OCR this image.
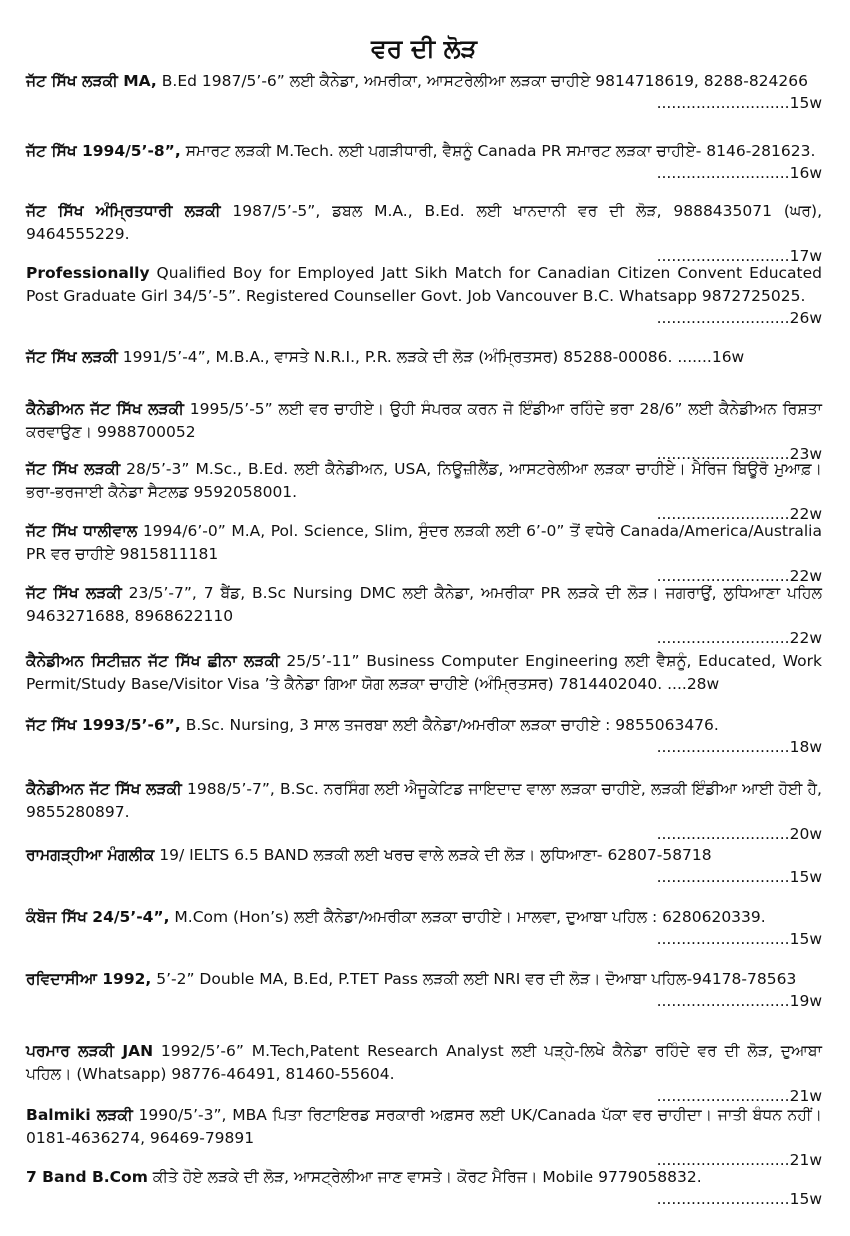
ਵਰ ਦੀ ਲੋੜ

ਜੱਟ ਸਿੱਖ ਲੜਕੀ MA, B.Ed 1987/5’-6” ਲਈ ਕੈਨੇਡਾ, ਅਮਰੀਕਾ, ਆਸਟਰੇਲੀਆ ਲੜਕਾ ਚਾਹੀਏ 9814718619, 8288-824266

...........................15w

ਜੱਟ ਸਿੱਖ 1994/5’-8”, ਸਮਾਰਟ ਲੜਕੀ M.Tech. ਲਈ ਪਗੜੀਧਾਰੀ, ਵੈਸ਼ਨੂੰ Canada PR ਸਮਾਰਟ ਲੜਕਾ ਚਾਹੀਏ- 8146-281623.

...........................16w

ਜੱਟ ਸਿੱਖ ਅੰਮ੍ਰਿਤਧਾਰੀ ਲੜਕੀ 1987/5’-5”, ਡਬਲ M.A., B.Ed. ਲਈ ਖਾਨਦਾਨੀ ਵਰ ਦੀ ਲੋੜ, 9888435071 (ਘਰ), 9464555229.

...........................17w

Professionally Qualified Boy for Employed Jatt Sikh Match for Canadian Citizen Convent Educated Post Graduate Girl 34/5’-5”. Registered Counseller Govt. Job Vancouver B.C. Whatsapp 9872725025.

...........................26w

ਜੱਟ ਸਿੱਖ ਲੜਕੀ 1991/5’-4”, M.B.A., ਵਾਸਤੇ N.R.I., P.R. ਲੜਕੇ ਦੀ ਲੋੜ (ਅੰਮ੍ਰਿਤਸਰ) 85288-00086. .......16w

ਕੈਨੇਡੀਅਨ ਜੱਟ ਸਿੱਖ ਲੜਕੀ 1995/5’-5” ਲਈ ਵਰ ਚਾਹੀਏ। ਉਹੀ ਸੰਪਰਕ ਕਰਨ ਜੋ ਇੰਡੀਆ ਰਹਿੰਦੇ ਭਰਾ 28/6” ਲਈ ਕੈਨੇਡੀਅਨ ਰਿਸ਼ਤਾ ਕਰਵਾਉਣ। 9988700052

...........................23w

ਜੱਟ ਸਿੱਖ ਲੜਕੀ 28/5’-3” M.Sc., B.Ed. ਲਈ ਕੈਨੇਡੀਅਨ, USA, ਨਿਊਜ਼ੀਲੈਂਡ, ਆਸਟਰੇਲੀਆ ਲੜਕਾ ਚਾਹੀਏ। ਮੈਰਿਜ ਬਿਊਰੋ ਮੁਆਫ਼। ਭਰਾ-ਭਰਜਾਈ ਕੈਨੇਡਾ ਸੈਟਲਡ 9592058001.

...........................22w

ਜੱਟ ਸਿੱਖ ਧਾਲੀਵਾਲ 1994/6’-0” M.A, Pol. Science, Slim, ਸੁੰਦਰ ਲੜਕੀ ਲਈ 6’-0” ਤੋਂ ਵਧੇਰੇ Canada/America/Australia PR ਵਰ ਚਾਹੀਏ 9815811181

...........................22w

ਜੱਟ ਸਿੱਖ ਲੜਕੀ 23/5’-7”, 7 ਬੈਂਡ, B.Sc Nursing DMC ਲਈ ਕੈਨੇਡਾ, ਅਮਰੀਕਾ PR ਲੜਕੇ ਦੀ ਲੋੜ। ਜਗਰਾਉਂ, ਲੁਧਿਆਣਾ ਪਹਿਲ 9463271688, 8968622110

...........................22w

ਕੈਨੇਡੀਅਨ ਸਿਟੀਜ਼ਨ ਜੱਟ ਸਿੱਖ ਛੀਨਾ ਲੜਕੀ 25/5’-11” Business Computer Engineering ਲਈ ਵੈਸ਼ਨੂੰ, Educated, Work Permit/Study Base/Visitor Visa ’ਤੇ ਕੈਨੇਡਾ ਗਿਆ ਯੋਗ ਲੜਕਾ ਚਾਹੀਏ (ਅੰਮ੍ਰਿਤਸਰ) 7814402040. ....28w

ਜੱਟ ਸਿੱਖ 1993/5’-6”, B.Sc. Nursing, 3 ਸਾਲ ਤਜਰਬਾ ਲਈ ਕੈਨੇਡਾ/ਅਮਰੀਕਾ ਲੜਕਾ ਚਾਹੀਏ : 9855063476.

...........................18w

ਕੈਨੇਡੀਅਨ ਜੱਟ ਸਿੱਖ ਲੜਕੀ 1988/5’-7”, B.Sc. ਨਰਸਿੰਗ ਲਈ ਐਜੂਕੇਟਿਡ ਜਾਇਦਾਦ ਵਾਲਾ ਲੜਕਾ ਚਾਹੀਏ, ਲੜਕੀ ਇੰਡੀਆ ਆਈ ਹੋਈ ਹੈ, 9855280897.

...........................20w

ਰਾਮਗੜ੍ਹੀਆ ਮੰਗਲੀਕ 19/ IELTS 6.5 BAND ਲੜਕੀ ਲਈ ਖਰਚ ਵਾਲੇ ਲੜਕੇ ਦੀ ਲੋੜ। ਲੁਧਿਆਣਾ- 62807-58718

...........................15w

ਕੰਬੋਜ ਸਿੱਖ 24/5’-4”, M.Com (Hon’s) ਲਈ ਕੈਨੇਡਾ/ਅਮਰੀਕਾ ਲੜਕਾ ਚਾਹੀਏ। ਮਾਲਵਾ, ਦੁਆਬਾ ਪਹਿਲ : 6280620339.

...........................15w

ਰਵਿਦਾਸੀਆ 1992, 5’-2” Double MA, B.Ed, P.TET Pass ਲੜਕੀ ਲਈ NRI ਵਰ ਦੀ ਲੋੜ। ਦੋਆਬਾ ਪਹਿਲ-94178-78563

...........................19w

ਪਰਮਾਰ ਲੜਕੀ JAN 1992/5’-6” M.Tech,Patent Research Analyst ਲਈ ਪੜ੍ਹੇ-ਲਿਖੇ ਕੈਨੇਡਾ ਰਹਿੰਦੇ ਵਰ ਦੀ ਲੋੜ, ਦੁਆਬਾ ਪਹਿਲ। (Whatsapp) 98776-46491, 81460-55604.

...........................21w

Balmiki ਲੜਕੀ 1990/5’-3”, MBA ਪਿਤਾ ਰਿਟਾਇਰਡ ਸਰਕਾਰੀ ਅਫ਼ਸਰ ਲਈ UK/Canada ਪੱਕਾ ਵਰ ਚਾਹੀਦਾ। ਜਾਤੀ ਬੰਧਨ ਨਹੀਂ। 0181-4636274, 96469-79891

...........................21w

7 Band B.Com ਕੀਤੇ ਹੋਏ ਲੜਕੇ ਦੀ ਲੋੜ, ਆਸਟ੍ਰੇਲੀਆ ਜਾਣ ਵਾਸਤੇ। ਕੋਰਟ ਮੈਰਿਜ। Mobile 9779058832.

...........................15w
